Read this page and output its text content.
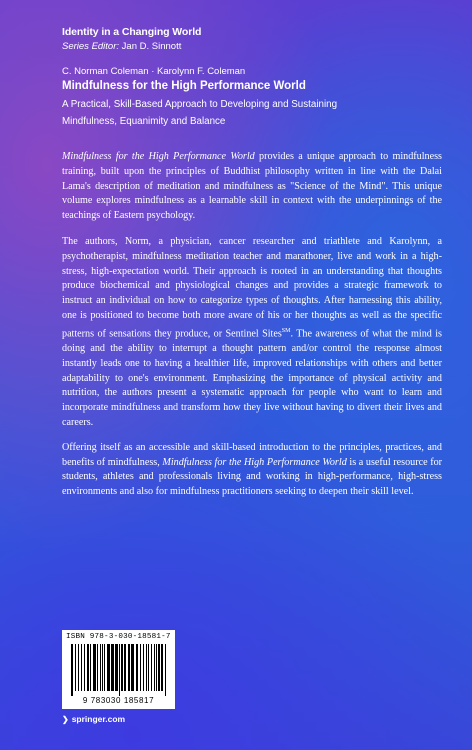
Identity in a Changing World
Series Editor: Jan D. Sinnott
C. Norman Coleman · Karolynn F. Coleman
Mindfulness for the High Performance World
A Practical, Skill-Based Approach to Developing and Sustaining Mindfulness, Equanimity and Balance

Mindfulness for the High Performance World provides a unique approach to mindfulness training, built upon the principles of Buddhist philosophy written in line with the Dalai Lama's description of meditation and mindfulness as "Science of the Mind". This unique volume explores mindfulness as a learnable skill in context with the underpinnings of the teachings of Eastern psychology.

The authors, Norm, a physician, cancer researcher and triathlete and Karolynn, a psychotherapist, mindfulness meditation teacher and marathoner, live and work in a high-stress, high-expectation world. Their approach is rooted in an understanding that thoughts produce biochemical and physiological changes and provides a strategic framework to instruct an individual on how to categorize types of thoughts. After harnessing this ability, one is positioned to become both more aware of his or her thoughts as well as the specific patterns of sensations they produce, or Sentinel Sites℠. The awareness of what the mind is doing and the ability to interrupt a thought pattern and/or control the response almost instantly leads one to having a healthier life, improved relationships with others and better adaptability to one's environment. Emphasizing the importance of physical activity and nutrition, the authors present a systematic approach for people who want to learn and incorporate mindfulness and transform how they live without having to divert their lives and careers.

Offering itself as an accessible and skill-based introduction to the principles, practices, and benefits of mindfulness, Mindfulness for the High Performance World is a useful resource for students, athletes and professionals living and working in high-performance, high-stress environments and also for mindfulness practitioners seeking to deepen their skill level.

ISBN 978-3-030-18581-7
9 783030 185817
❯ springer.com
